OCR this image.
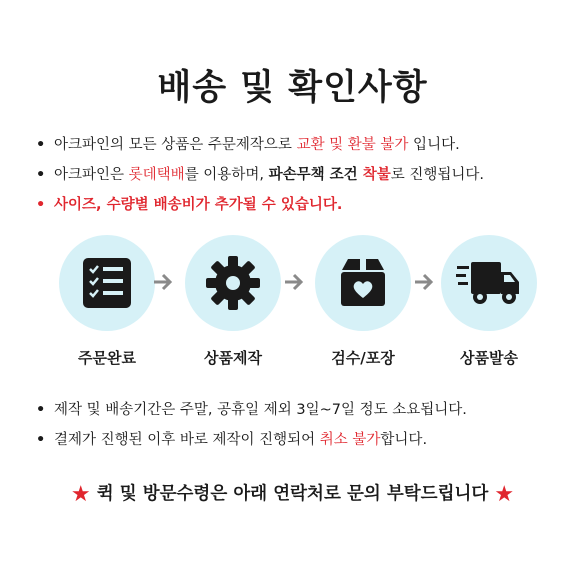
배송 및 확인사항
• 아크파인의 모든 상품은 주문제작으로 교환 및 환불 불가 입니다.
• 아크파인은 롯데택배를 이용하며, 파손무책 조건 착불로 진행됩니다.
• 사이즈, 수량별 배송비가 추가될 수 있습니다.
주문완료	상품제작	검수/포장	상품발송
• 제작 및 배송기간은 주말, 공휴일 제외 3일~7일 정도 소요됩니다.
• 결제가 진행된 이후 바로 제작이 진행되어 취소 불가합니다.
★ 퀵 및 방문수령은 아래 연락처로 문의 부탁드립니다 ★
